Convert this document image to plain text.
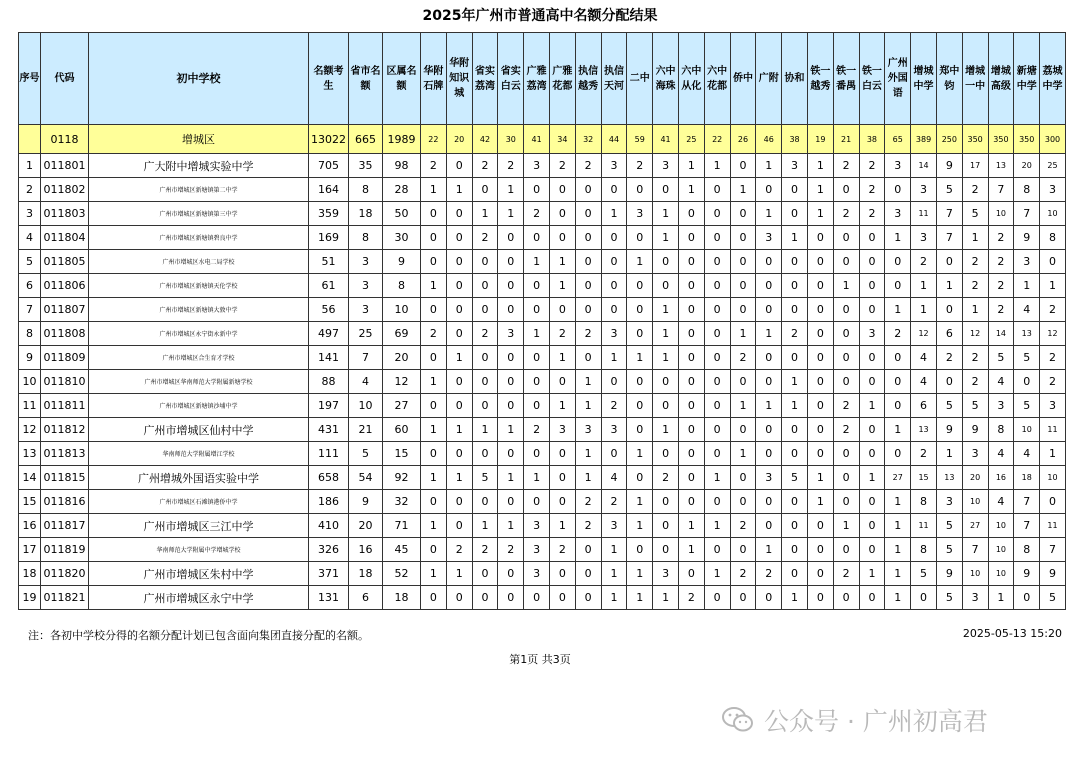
2025年广州市普通高中名额分配结果
序号	代码	初中学校	名额考生	省市名额	区属名额	华附石牌	华附知识城	省实荔湾	省实白云	广雅荔湾	广雅花都	执信越秀	执信天河	二中	六中海珠	六中从化	六中花都	侨中	广附	协和	铁一越秀	铁一番禺	铁一白云	广州外国语	增城中学	郑中钧	增城一中	增城高级	新塘中学	荔城中学	
	0118	增城区	13022	665	1989	22	20	42	30	41	34	32	44	59	41	25	22	26	46	38	19	21	38	65	389	250	350	350	350	300	
1	011801	广大附中增城实验中学	705	35	98	2	0	2	2	3	2	2	3	2	3	1	1	0	1	3	1	2	2	3	14	9	17	13	20	25	
2	011802	广州市增城区新塘镇第二中学	164	8	28	1	1	0	1	0	0	0	0	0	0	1	0	1	0	0	1	0	2	0	3	5	2	7	8	3	
3	011803	广州市增城区新塘镇第三中学	359	18	50	0	0	1	1	2	0	0	1	3	1	0	0	0	1	0	1	2	2	3	11	7	5	10	7	10	
4	011804	广州市增城区新塘镇碧良中学	169	8	30	0	0	2	0	0	0	0	0	0	1	0	0	0	3	1	0	0	0	1	3	7	1	2	9	8	
5	011805	广州市增城区水电二局学校	51	3	9	0	0	0	0	1	1	0	0	1	0	0	0	0	0	0	0	0	0	0	2	0	2	2	3	0	
6	011806	广州市增城区新塘镇天伦学校	61	3	8	1	0	0	0	0	1	0	0	0	0	0	0	0	0	0	0	1	0	0	1	1	2	2	1	1	
7	011807	广州市增城区新塘镇大敦中学	56	3	10	0	0	0	0	0	0	0	0	0	1	0	0	0	0	0	0	0	0	1	1	0	1	2	4	2	
8	011808	广州市增城区永宁街永新中学	497	25	69	2	0	2	3	1	2	2	3	0	1	0	0	1	1	2	0	0	3	2	12	6	12	14	13	12	
9	011809	广州市增城区合生育才学校	141	7	20	0	1	0	0	0	1	0	1	1	1	0	0	2	0	0	0	0	0	0	4	2	2	5	5	2	
10	011810	广州市增城区华南师范大学附属新塘学校	88	4	12	1	0	0	0	0	0	1	0	0	0	0	0	0	0	1	0	0	0	0	4	0	2	4	0	2	
11	011811	广州市增城区新塘镇沙埔中学	197	10	27	0	0	0	0	0	1	1	2	0	0	0	0	1	1	1	0	2	1	0	6	5	5	3	5	3	
12	011812	广州市增城区仙村中学	431	21	60	1	1	1	1	2	3	3	3	0	1	0	0	0	0	0	0	2	0	1	13	9	9	8	10	11	
13	011813	华南师范大学附属增江学校	111	5	15	0	0	0	0	0	0	1	0	1	0	0	0	1	0	0	0	0	0	0	2	1	3	4	4	1	
14	011815	广州增城外国语实验中学	658	54	92	1	1	5	1	1	0	1	4	0	2	0	1	0	3	5	1	0	1	27	15	13	20	16	18	10	
15	011816	广州市增城区石滩镇港侨中学	186	9	32	0	0	0	0	0	0	2	2	1	0	0	0	0	0	0	1	0	0	1	8	3	10	4	7	0	
16	011817	广州市增城区三江中学	410	20	71	1	0	1	1	3	1	2	3	1	0	1	1	2	0	0	0	1	0	1	11	5	27	10	7	11	
17	011819	华南师范大学附属中学增城学校	326	16	45	0	2	2	2	3	2	0	1	0	0	1	0	0	1	0	0	0	0	1	8	5	7	10	8	7	
18	011820	广州市增城区朱村中学	371	18	52	1	1	0	0	3	0	0	1	1	3	0	1	2	2	0	0	2	1	1	5	9	10	10	9	9	
19	011821	广州市增城区永宁中学	131	6	18	0	0	0	0	0	0	0	1	1	1	2	0	0	0	1	0	0	0	1	0	5	3	1	0	5	
注：各初中学校分得的名额分配计划已包含面向集团直接分配的名额。	2025-05-13 15:20
第1页 共3页
公众号 · 广州初高君
